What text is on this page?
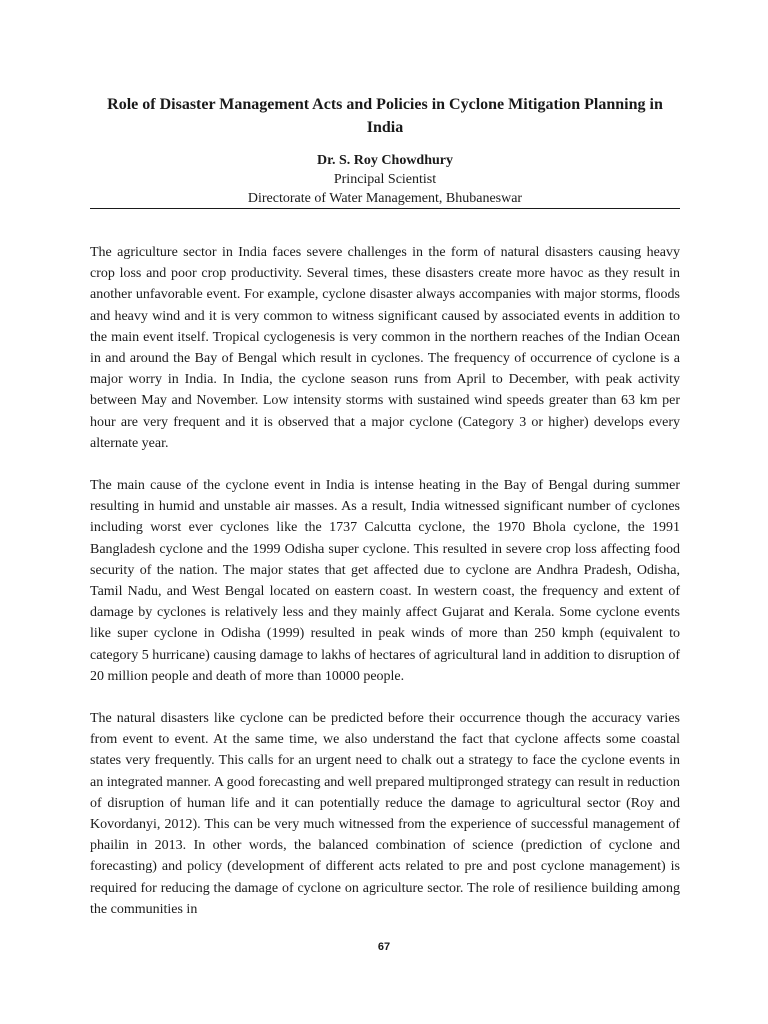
Role of Disaster Management Acts and Policies in Cyclone Mitigation Planning in India
Dr. S. Roy Chowdhury
Principal Scientist
Directorate of Water Management, Bhubaneswar

The agriculture sector in India faces severe challenges in the form of natural disasters causing heavy crop loss and poor crop productivity. Several times, these disasters create more havoc as they result in another unfavorable event. For example, cyclone disaster always accompanies with major storms, floods and heavy wind and it is very common to witness significant caused by associated events in addition to the main event itself. Tropical cyclogenesis is very common in the northern reaches of the Indian Ocean in and around the Bay of Bengal which result in cyclones. The frequency of occurrence of cyclone is a major worry in India. In India, the cyclone season runs from April to December, with peak activity between May and November. Low intensity storms with sustained wind speeds greater than 63 km per hour are very frequent and it is observed that a major cyclone (Category 3 or higher) develops every alternate year.

The main cause of the cyclone event in India is intense heating in the Bay of Bengal during summer resulting in humid and unstable air masses. As a result, India witnessed significant number of cyclones including worst ever cyclones like the 1737 Calcutta cyclone, the 1970 Bhola cyclone, the 1991 Bangladesh cyclone and the 1999 Odisha super cyclone. This resulted in severe crop loss affecting food security of the nation. The major states that get affected due to cyclone are Andhra Pradesh, Odisha, Tamil Nadu, and West Bengal located on eastern coast. In western coast, the frequency and extent of damage by cyclones is relatively less and they mainly affect Gujarat and Kerala. Some cyclone events like super cyclone in Odisha (1999) resulted in peak winds of more than 250 kmph (equivalent to category 5 hurricane) causing damage to lakhs of hectares of agricultural land in addition to disruption of 20 million people and death of more than 10000 people.

The natural disasters like cyclone can be predicted before their occurrence though the accuracy varies from event to event. At the same time, we also understand the fact that cyclone affects some coastal states very frequently. This calls for an urgent need to chalk out a strategy to face the cyclone events in an integrated manner. A good forecasting and well prepared multipronged strategy can result in reduction of disruption of human life and it can potentially reduce the damage to agricultural sector (Roy and Kovordanyi, 2012). This can be very much witnessed from the experience of successful management of phailin in 2013. In other words, the balanced combination of science (prediction of cyclone and forecasting) and policy (development of different acts related to pre and post cyclone management) is required for reducing the damage of cyclone on agriculture sector. The role of resilience building among the communities in

67
